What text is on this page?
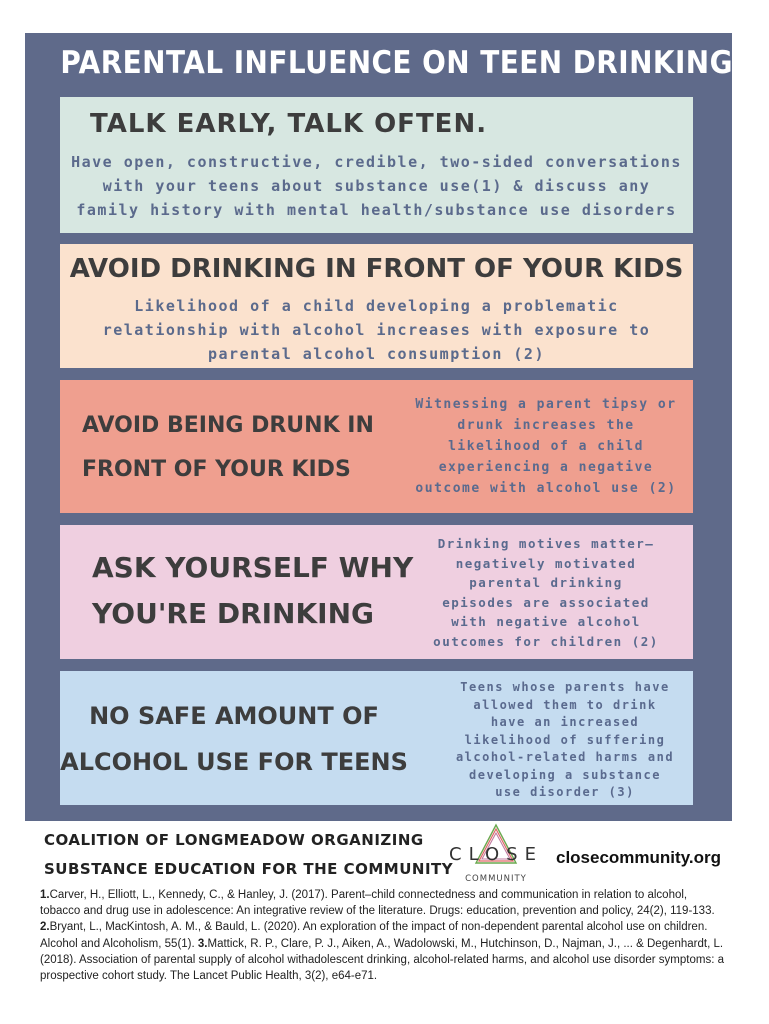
PARENTAL INFLUENCE ON TEEN DRINKING...
TALK EARLY, TALK OFTEN.
Have open, constructive, credible, two-sided conversations
with your teens about substance use(1) & discuss any
family history with mental health/substance use disorders
AVOID DRINKING IN FRONT OF YOUR KIDS
Likelihood of a child developing a problematic
relationship with alcohol increases with exposure to
parental alcohol consumption (2)
AVOID BEING DRUNK IN
FRONT OF YOUR KIDS
Witnessing a parent tipsy or
drunk increases the
likelihood of a child
experiencing a negative
outcome with alcohol use (2)
ASK YOURSELF WHY
YOU'RE DRINKING
Drinking motives matter—
negatively motivated
parental drinking
episodes are associated
with negative alcohol
outcomes for children (2)
NO SAFE AMOUNT OF
ALCOHOL USE FOR TEENS
Teens whose parents have
allowed them to drink
have an increased
likelihood of suffering
alcohol-related harms and
developing a substance
use disorder (3)
COALITION OF LONGMEADOW ORGANIZING
SUBSTANCE EDUCATION FOR THE COMMUNITY
CLOSE
COMMUNITY
closecommunity.org
1.Carver, H., Elliott, L., Kennedy, C., & Hanley, J. (2017). Parent–child connectedness and communication in relation to alcohol, tobacco and drug use in adolescence: An integrative review of the literature. Drugs: education, prevention and policy, 24(2), 119-133. 2.Bryant, L., MacKintosh, A. M., & Bauld, L. (2020). An exploration of the impact of non-dependent parental alcohol use on children. Alcohol and Alcoholism, 55(1). 3.Mattick, R. P., Clare, P. J., Aiken, A., Wadolowski, M., Hutchinson, D., Najman, J., ... & Degenhardt, L. (2018). Association of parental supply of alcohol withadolescent drinking, alcohol-related harms, and alcohol use disorder symptoms: a prospective cohort study. The Lancet Public Health, 3(2), e64-e71.
